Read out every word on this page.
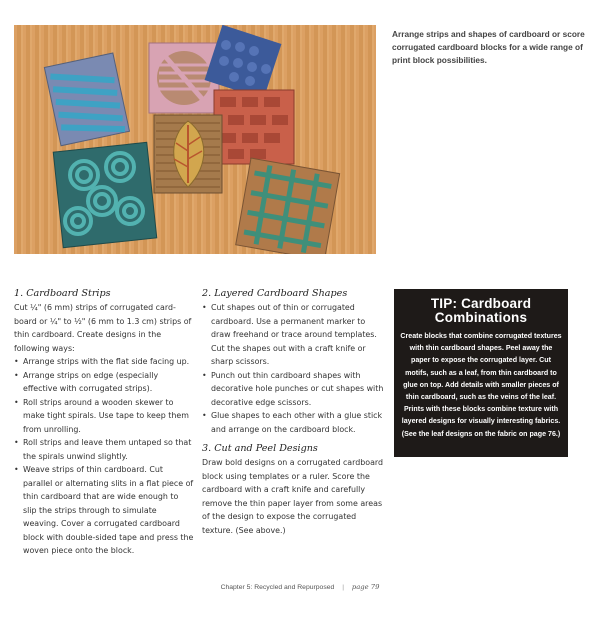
Arrange strips and shapes of cardboard or score corrugated cardboard blocks for a wide range of print block possibilities.
1. Cardboard Strips

Cut ¼" (6 mm) strips of corrugated card-board or ¼" to ½" (6 mm to 1.3 cm) strips of thin cardboard. Create designs in the following ways:

• Arrange strips with the flat side facing up.
• Arrange strips on edge (especially effective with corrugated strips).
• Roll strips around a wooden skewer to make tight spirals. Use tape to keep them from unrolling.
• Roll strips and leave them untaped so that the spirals unwind slightly.
• Weave strips of thin cardboard. Cut parallel or alternating slits in a flat piece of thin cardboard that are wide enough to slip the strips through to simulate weaving. Cover a corrugated cardboard block with double-sided tape and press the woven piece onto the block.
2. Layered Cardboard Shapes
• Cut shapes out of thin or corrugated cardboard. Use a permanent marker to draw freehand or trace around templates. Cut the shapes out with a craft knife or sharp scissors.
• Punch out thin cardboard shapes with decorative hole punches or cut shapes with decorative edge scissors.
• Glue shapes to each other with a glue stick and arrange on the cardboard block.
3. Cut and Peel Designs

Draw bold designs on a corrugated cardboard block using templates or a ruler. Score the cardboard with a craft knife and carefully remove the thin paper layer from some areas of the design to expose the corrugated texture. (See above.)

TIP: Cardboard
Combinations
Create blocks that combine corrugated textures with thin cardboard shapes. Peel away the paper to expose the corrugated layer. Cut motifs, such as a leaf, from thin cardboard to glue on top. Add details with smaller pieces of thin cardboard, such as the veins of the leaf. Prints with these blocks combine texture with layered designs for visually interesting fabrics. (See the leaf designs on the fabric on page 76.)
Chapter 5: Recycled and Repurposed | page 79
